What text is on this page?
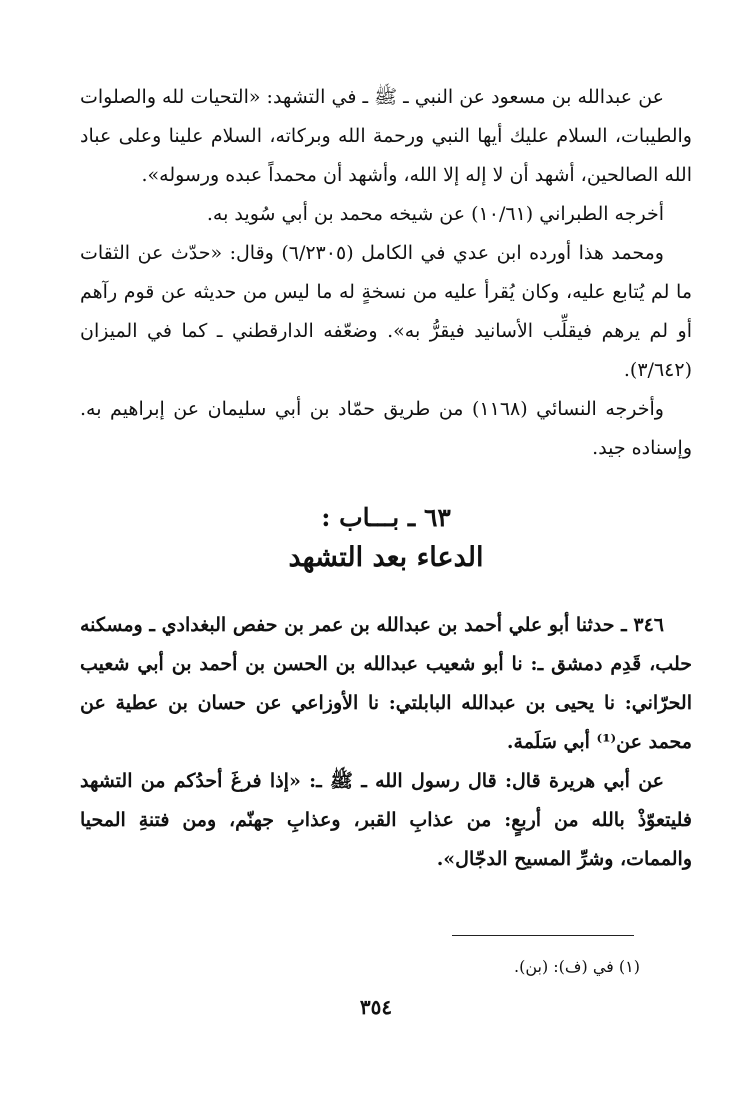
عن عبدالله بن مسعود عن النبي ـ ﷺ ـ في التشهد: «التحيات لله والصلوات والطيبات، السلام عليك أيها النبي ورحمة الله وبركاته، السلام علينا وعلى عباد الله الصالحين، أشهد أن لا إله إلا الله، وأشهد أن محمداً عبده ورسوله».

أخرجه الطبراني (١٠/٦١) عن شيخه محمد بن أبي سُويد به.

ومحمد هذا أورده ابن عدي في الكامل (٦/٢٣٠٥) وقال: «حدّث عن الثقات ما لم يُتابع عليه، وكان يُقرأ عليه من نسخةٍ له ما ليس من حديثه عن قوم رآهم أو لم يرهم فيقلِّب الأسانيد فيقرُّ به». وضعّفه الدارقطني ـ كما في الميزان (٣/٦٤٢).

وأخرجه النسائي (١١٦٨) من طريق حمّاد بن أبي سليمان عن إبراهيم به. وإسناده جيد.

٦٣ ـ بـــاب :
الدعاء بعد التشهد

٣٤٦ ـ حدثنا أبو علي أحمد بن عبدالله بن عمر بن حفص البغدادي ـ ومسكنه حلب، قَدِم دمشق ـ: نا أبو شعيب عبدالله بن الحسن بن أحمد بن أبي شعيب الحرّاني: نا يحيى بن عبدالله البابلتي: نا الأوزاعي عن حسان بن عطية عن محمد عن⁽¹⁾ أبي سَلَمة.

عن أبي هريرة قال: قال رسول الله ـ ﷺ ـ: «إذا فرغَ أحدُكم من التشهد فليتعوّذْ بالله من أربعٍ: من عذابِ القبر، وعذابِ جهنّم، ومن فتنةِ المحيا والممات، وشرِّ المسيح الدجّال».

(١) في (ف): (بن).
٣٥٤
